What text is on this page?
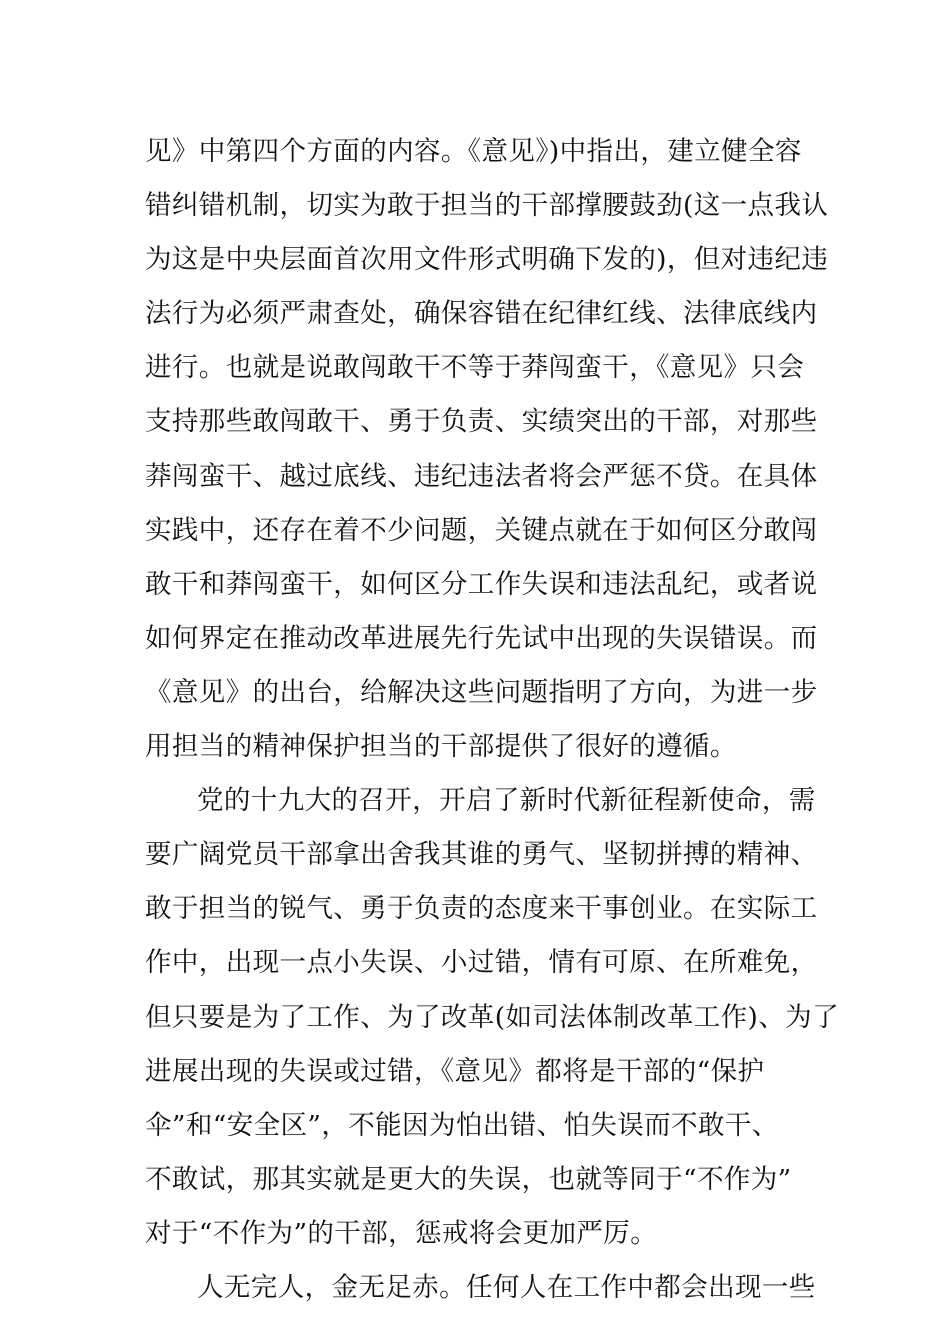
见》中第四个方面的内容。《意见》)中指出，建立健全容
错纠错机制，切实为敢于担当的干部撑腰鼓劲(这一点我认
为这是中央层面首次用文件形式明确下发的)，但对违纪违
法行为必须严肃查处，确保容错在纪律红线、法律底线内
进行。也就是说敢闯敢干不等于莽闯蛮干，《意见》只会
支持那些敢闯敢干、勇于负责、实绩突出的干部，对那些
莽闯蛮干、越过底线、违纪违法者将会严惩不贷。在具体
实践中，还存在着不少问题，关键点就在于如何区分敢闯
敢干和莽闯蛮干，如何区分工作失误和违法乱纪，或者说
如何界定在推动改革进展先行先试中出现的失误错误。而
《意见》的出台，给解决这些问题指明了方向，为进一步
用担当的精神保护担当的干部提供了很好的遵循。
党的十九大的召开，开启了新时代新征程新使命，需
要广阔党员干部拿出舍我其谁的勇气、坚韧拼搏的精神、
敢于担当的锐气、勇于负责的态度来干事创业。在实际工
作中，出现一点小失误、小过错，情有可原、在所难免，
但只要是为了工作、为了改革(如司法体制改革工作)、为了
进展出现的失误或过错，《意见》都将是干部的“保护
伞”和“安全区”，不能因为怕出错、怕失误而不敢干、
不敢试，那其实就是更大的失误，也就等同于“不作为”
对于“不作为”的干部，惩戒将会更加严厉。
人无完人，金无足赤。任何人在工作中都会出现一些
